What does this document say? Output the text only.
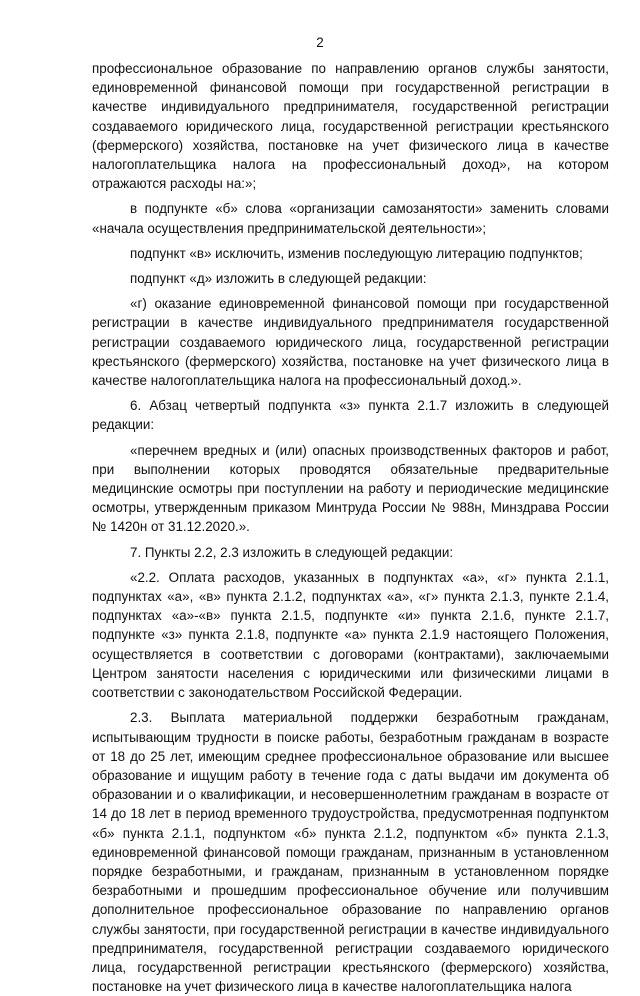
2

профессиональное образование по направлению органов службы занятости, единовременной финансовой помощи при государственной регистрации в качестве индивидуального предпринимателя, государственной регистрации создаваемого юридического лица, государственной регистрации крестьянского (фермерского) хозяйства, постановке на учет физического лица в качестве налогоплательщика налога на профессиональный доход», на котором отражаются расходы на:»;

в подпункте «б» слова «организации самозанятости» заменить словами «начала осуществления предпринимательской деятельности»;

подпункт «в» исключить, изменив последующую литерацию подпунктов;

подпункт «д» изложить в следующей редакции:

«г) оказание единовременной финансовой помощи при государственной регистрации в качестве индивидуального предпринимателя государственной регистрации создаваемого юридического лица, государственной регистрации крестьянского (фермерского) хозяйства, постановке на учет физического лица в качестве налогоплательщика налога на профессиональный доход.».

6. Абзац четвертый подпункта «з» пункта 2.1.7 изложить в следующей редакции:

«перечнем вредных и (или) опасных производственных факторов и работ, при выполнении которых проводятся обязательные предварительные медицинские осмотры при поступлении на работу и периодические медицинские осмотры, утвержденным приказом Минтруда России № 988н, Минздрава России № 1420н от 31.12.2020.».

7. Пункты 2.2, 2.3 изложить в следующей редакции:

«2.2. Оплата расходов, указанных в подпунктах «а», «г» пункта 2.1.1, подпунктах «а», «в» пункта 2.1.2, подпунктах «а», «г» пункта 2.1.3, пункте 2.1.4, подпунктах «а»-«в» пункта 2.1.5, подпункте «и» пункта 2.1.6, пункте 2.1.7, подпункте «з» пункта 2.1.8, подпункте «а» пункта 2.1.9 настоящего Положения, осуществляется в соответствии с договорами (контрактами), заключаемыми Центром занятости населения с юридическими или физическими лицами в соответствии с законодательством Российской Федерации.

2.3. Выплата материальной поддержки безработным гражданам, испытывающим трудности в поиске работы, безработным гражданам в возрасте от 18 до 25 лет, имеющим среднее профессиональное образование или высшее образование и ищущим работу в течение года с даты выдачи им документа об образовании и о квалификации, и несовершеннолетним гражданам в возрасте от 14 до 18 лет в период временного трудоустройства, предусмотренная подпунктом «б» пункта 2.1.1, подпунктом «б» пункта 2.1.2, подпунктом «б» пункта 2.1.3, единовременной финансовой помощи гражданам, признанным в установленном порядке безработными, и гражданам, признанным в установленном порядке безработными и прошедшим профессиональное обучение или получившим дополнительное профессиональное образование по направлению органов службы занятости, при государственной регистрации в качестве индивидуального предпринимателя, государственной регистрации создаваемого юридического лица, государственной регистрации крестьянского (фермерского) хозяйства, постановке на учет физического лица в качестве налогоплательщика налога
